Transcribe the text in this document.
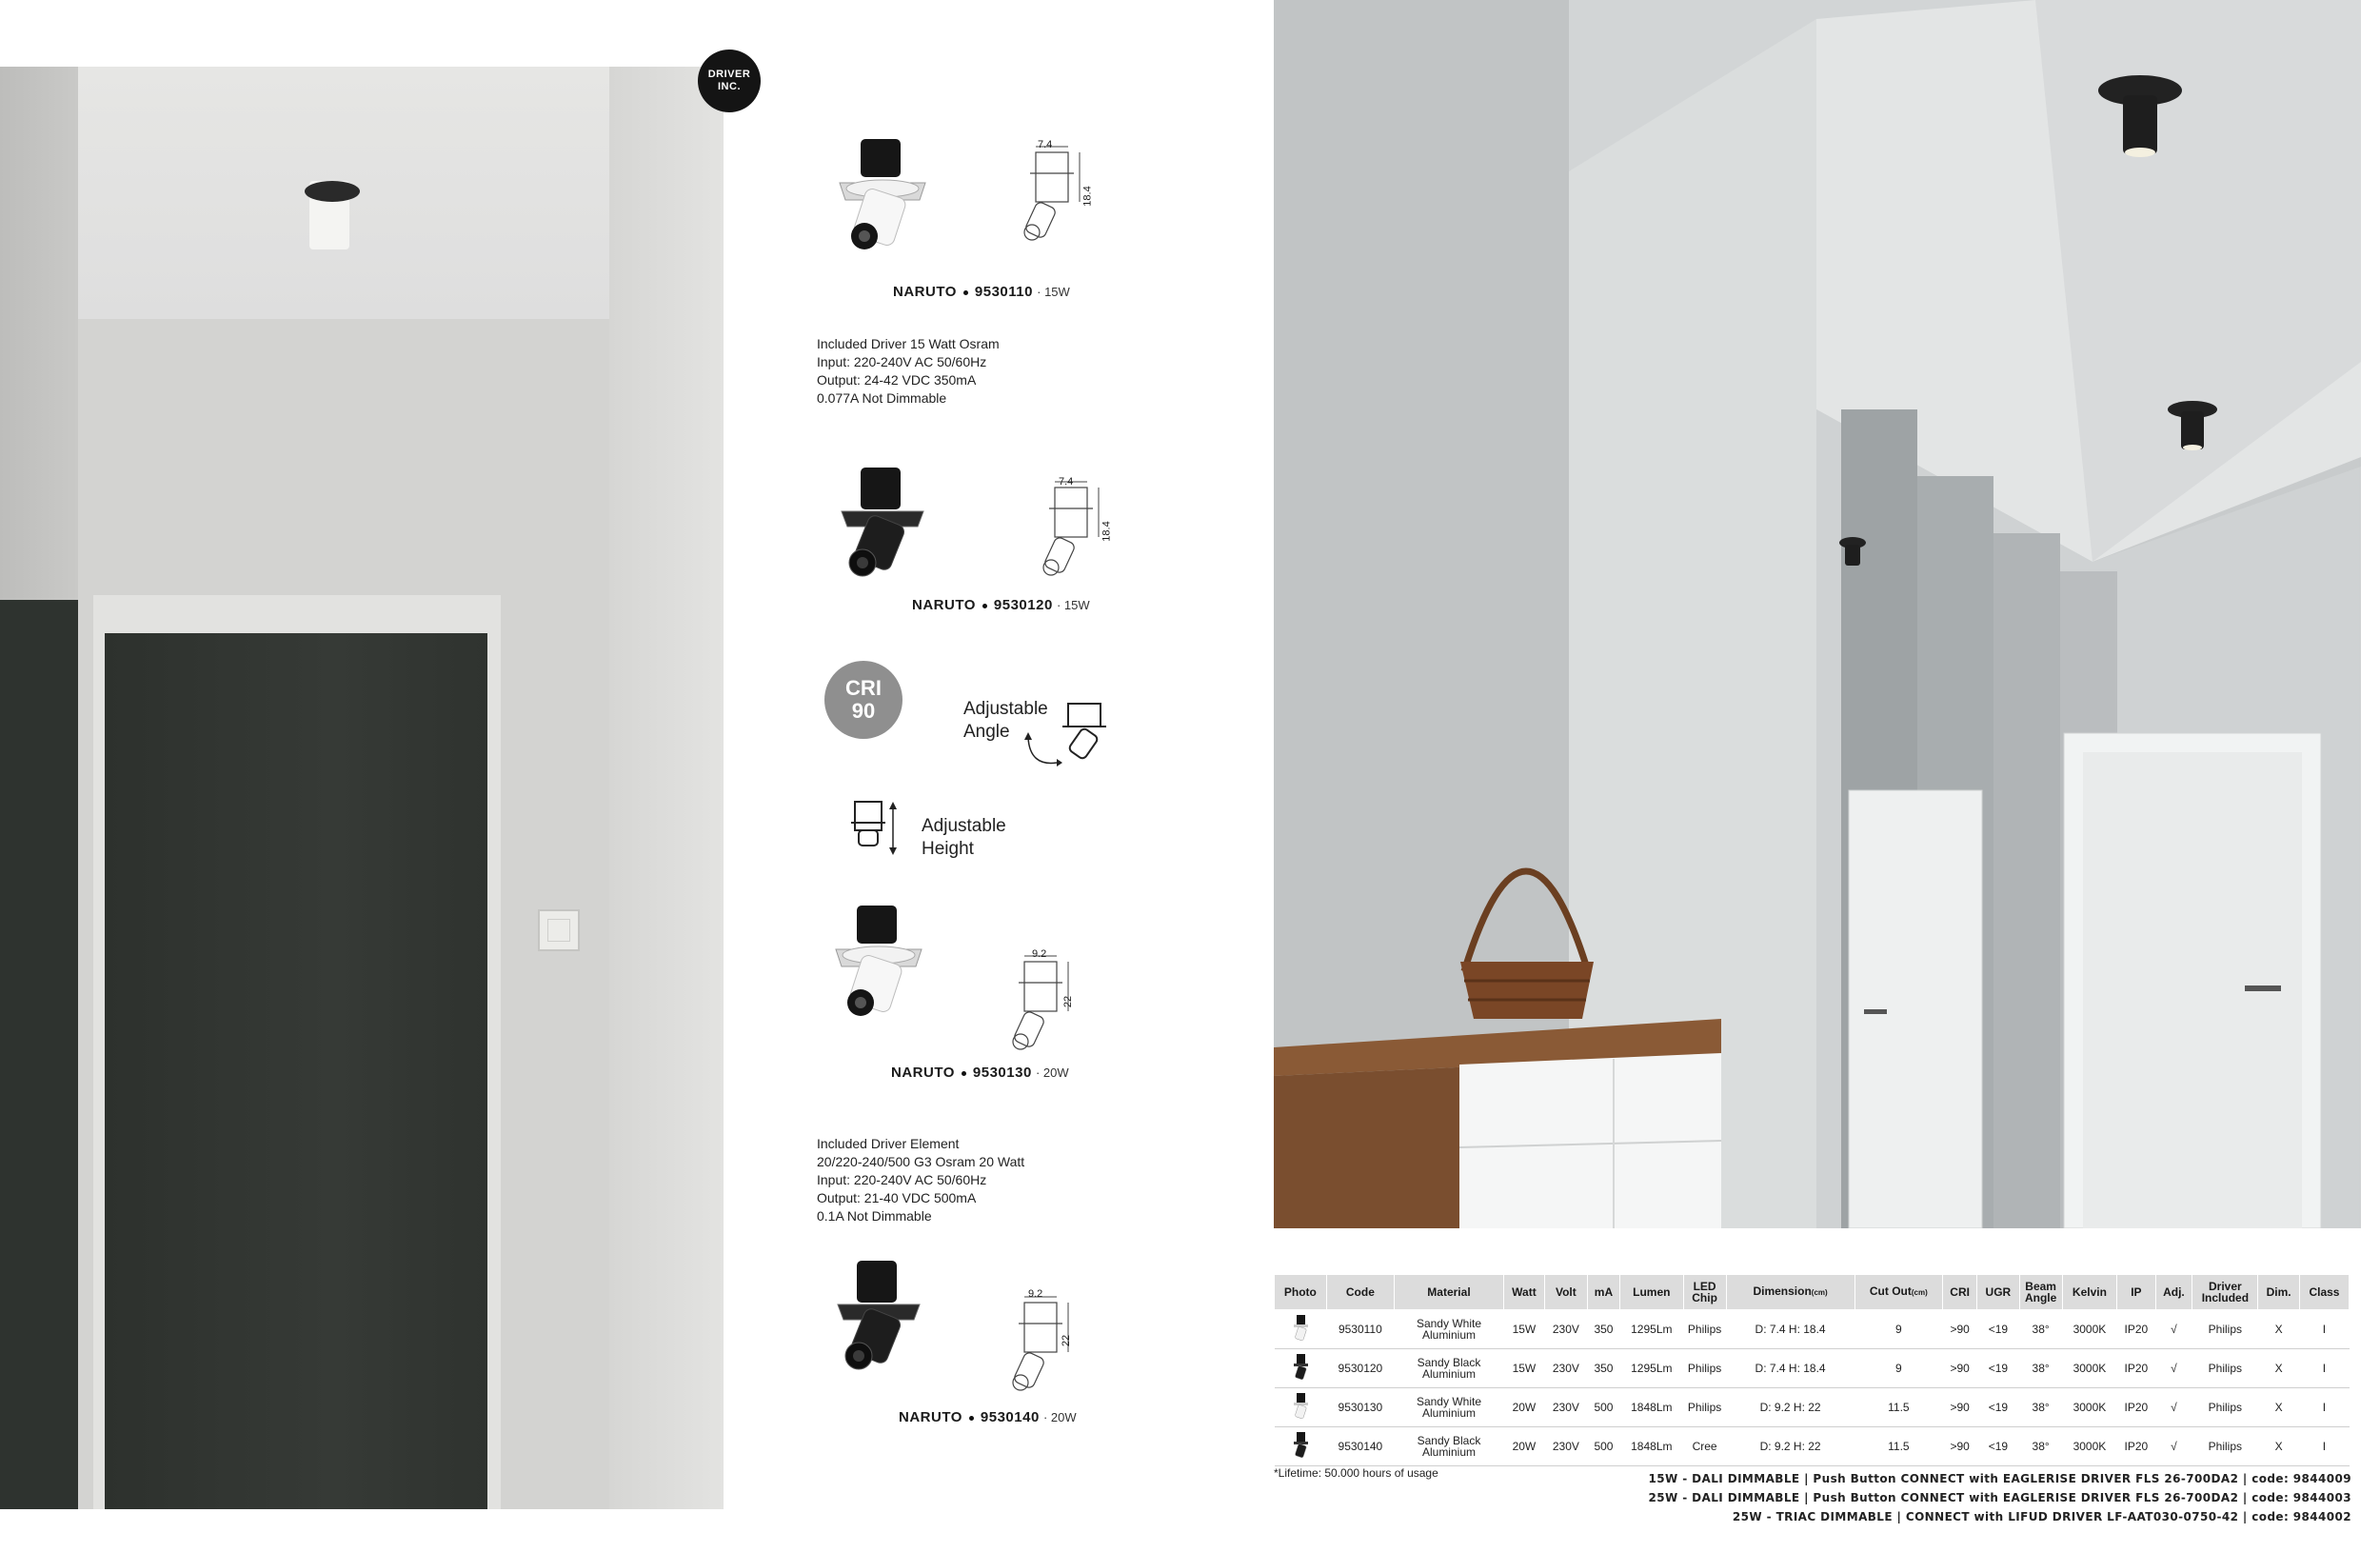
DRIVER
INC.
7.4
18.4
NARUTO 9530110 · 15W
Included Driver 15 Watt Osram
Input: 220-240V AC 50/60Hz
Output: 24-42 VDC 350mA
0.077A Not Dimmable
7.4
18.4
NARUTO 9530120 · 15W
CRI
90	Adjustable
Angle
Adjustable
Height
9.2
22
NARUTO 9530130 · 20W
Included Driver Element
20/220-240/500 G3 Osram 20 Watt
Input: 220-240V AC 50/60Hz
Output: 21-40 VDC 500mA
0.1A Not Dimmable
9.2
22
NARUTO 9530140 · 20W
Photo	Code	Material	Watt	Volt	mA	Lumen	LED Chip	Dimension(cm)	Cut Out(cm)	CRI	UGR	Beam Angle	Kelvin	IP	Adj.	Driver Included	Dim.	Class
	9530110	Sandy White
Aluminium	15W	230V	350	1295Lm	Philips	D: 7.4 H: 18.4	9	>90	<19	38°	3000K	IP20	√	Philips	X	I
	9530120	Sandy Black
Aluminium	15W	230V	350	1295Lm	Philips	D: 7.4 H: 18.4	9	>90	<19	38°	3000K	IP20	√	Philips	X	I
	9530130	Sandy White
Aluminium	20W	230V	500	1848Lm	Philips	D: 9.2 H: 22	11.5	>90	<19	38°	3000K	IP20	√	Philips	X	I
	9530140	Sandy Black
Aluminium	20W	230V	500	1848Lm	Cree	D: 9.2 H: 22	11.5	>90	<19	38°	3000K	IP20	√	Philips	X	I
*Lifetime: 50.000 hours of usage	15W - DALI DIMMABLE | Push Button CONNECT with EAGLERISE DRIVER FLS 26-700DA2 | code: 9844009
25W - DALI DIMMABLE | Push Button CONNECT with EAGLERISE DRIVER FLS 26-700DA2 | code: 9844003
25W - TRIAC DIMMABLE | CONNECT with LIFUD DRIVER LF-AAT030-0750-42 | code: 9844002
